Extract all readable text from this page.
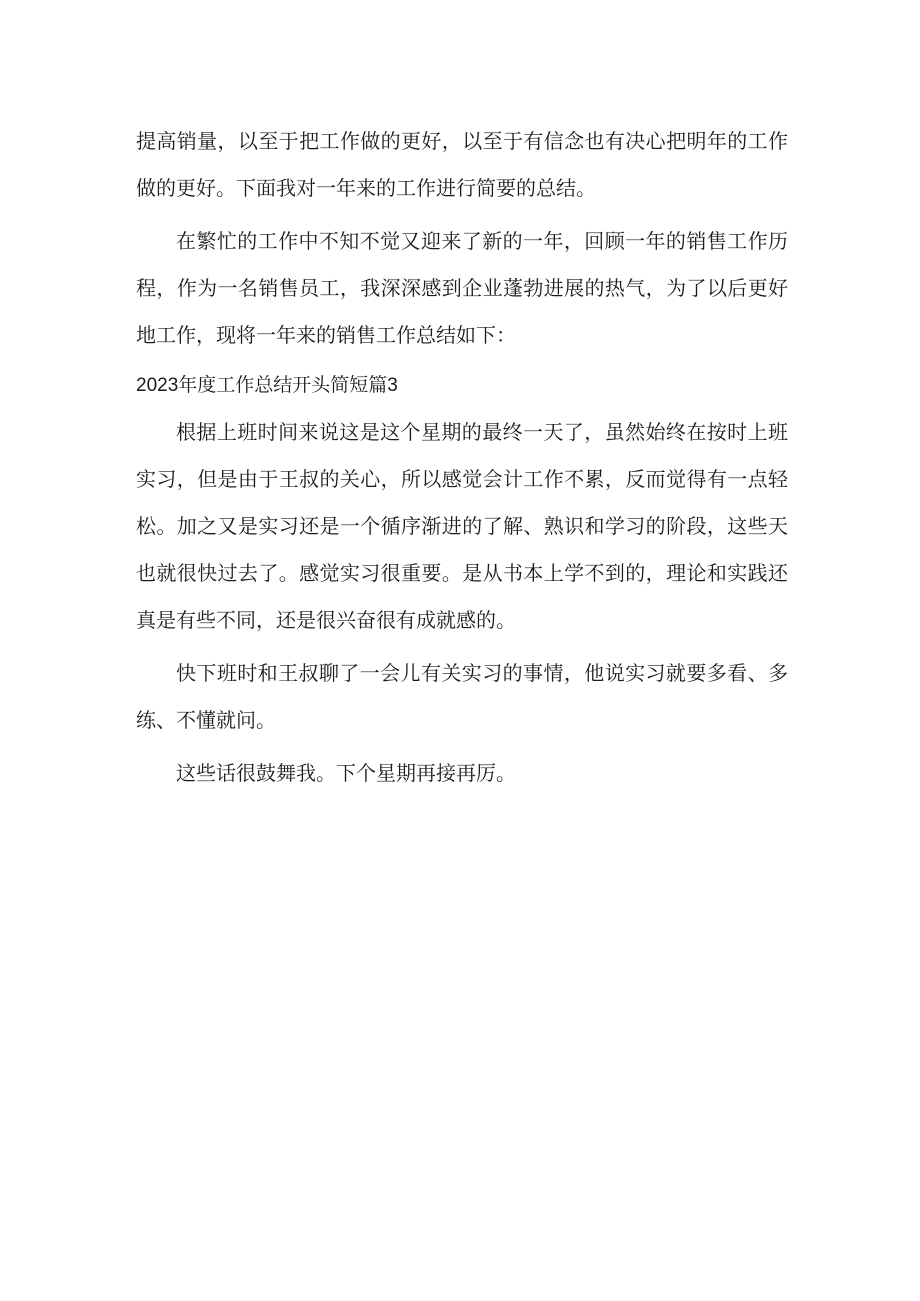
提高销量，以至于把工作做的更好，以至于有信念也有决心把明年的工作做的更好。下面我对一年来的工作进行简要的总结。

在繁忙的工作中不知不觉又迎来了新的一年，回顾一年的销售工作历程，作为一名销售员工，我深深感到企业蓬勃进展的热气，为了以后更好地工作，现将一年来的销售工作总结如下：

2023年度工作总结开头简短篇3

根据上班时间来说这是这个星期的最终一天了，虽然始终在按时上班实习，但是由于王叔的关心，所以感觉会计工作不累，反而觉得有一点轻松。加之又是实习还是一个循序渐进的了解、熟识和学习的阶段，这些天也就很快过去了。感觉实习很重要。是从书本上学不到的，理论和实践还真是有些不同，还是很兴奋很有成就感的。

快下班时和王叔聊了一会儿有关实习的事情，他说实习就要多看、多练、不懂就问。

这些话很鼓舞我。下个星期再接再厉。
